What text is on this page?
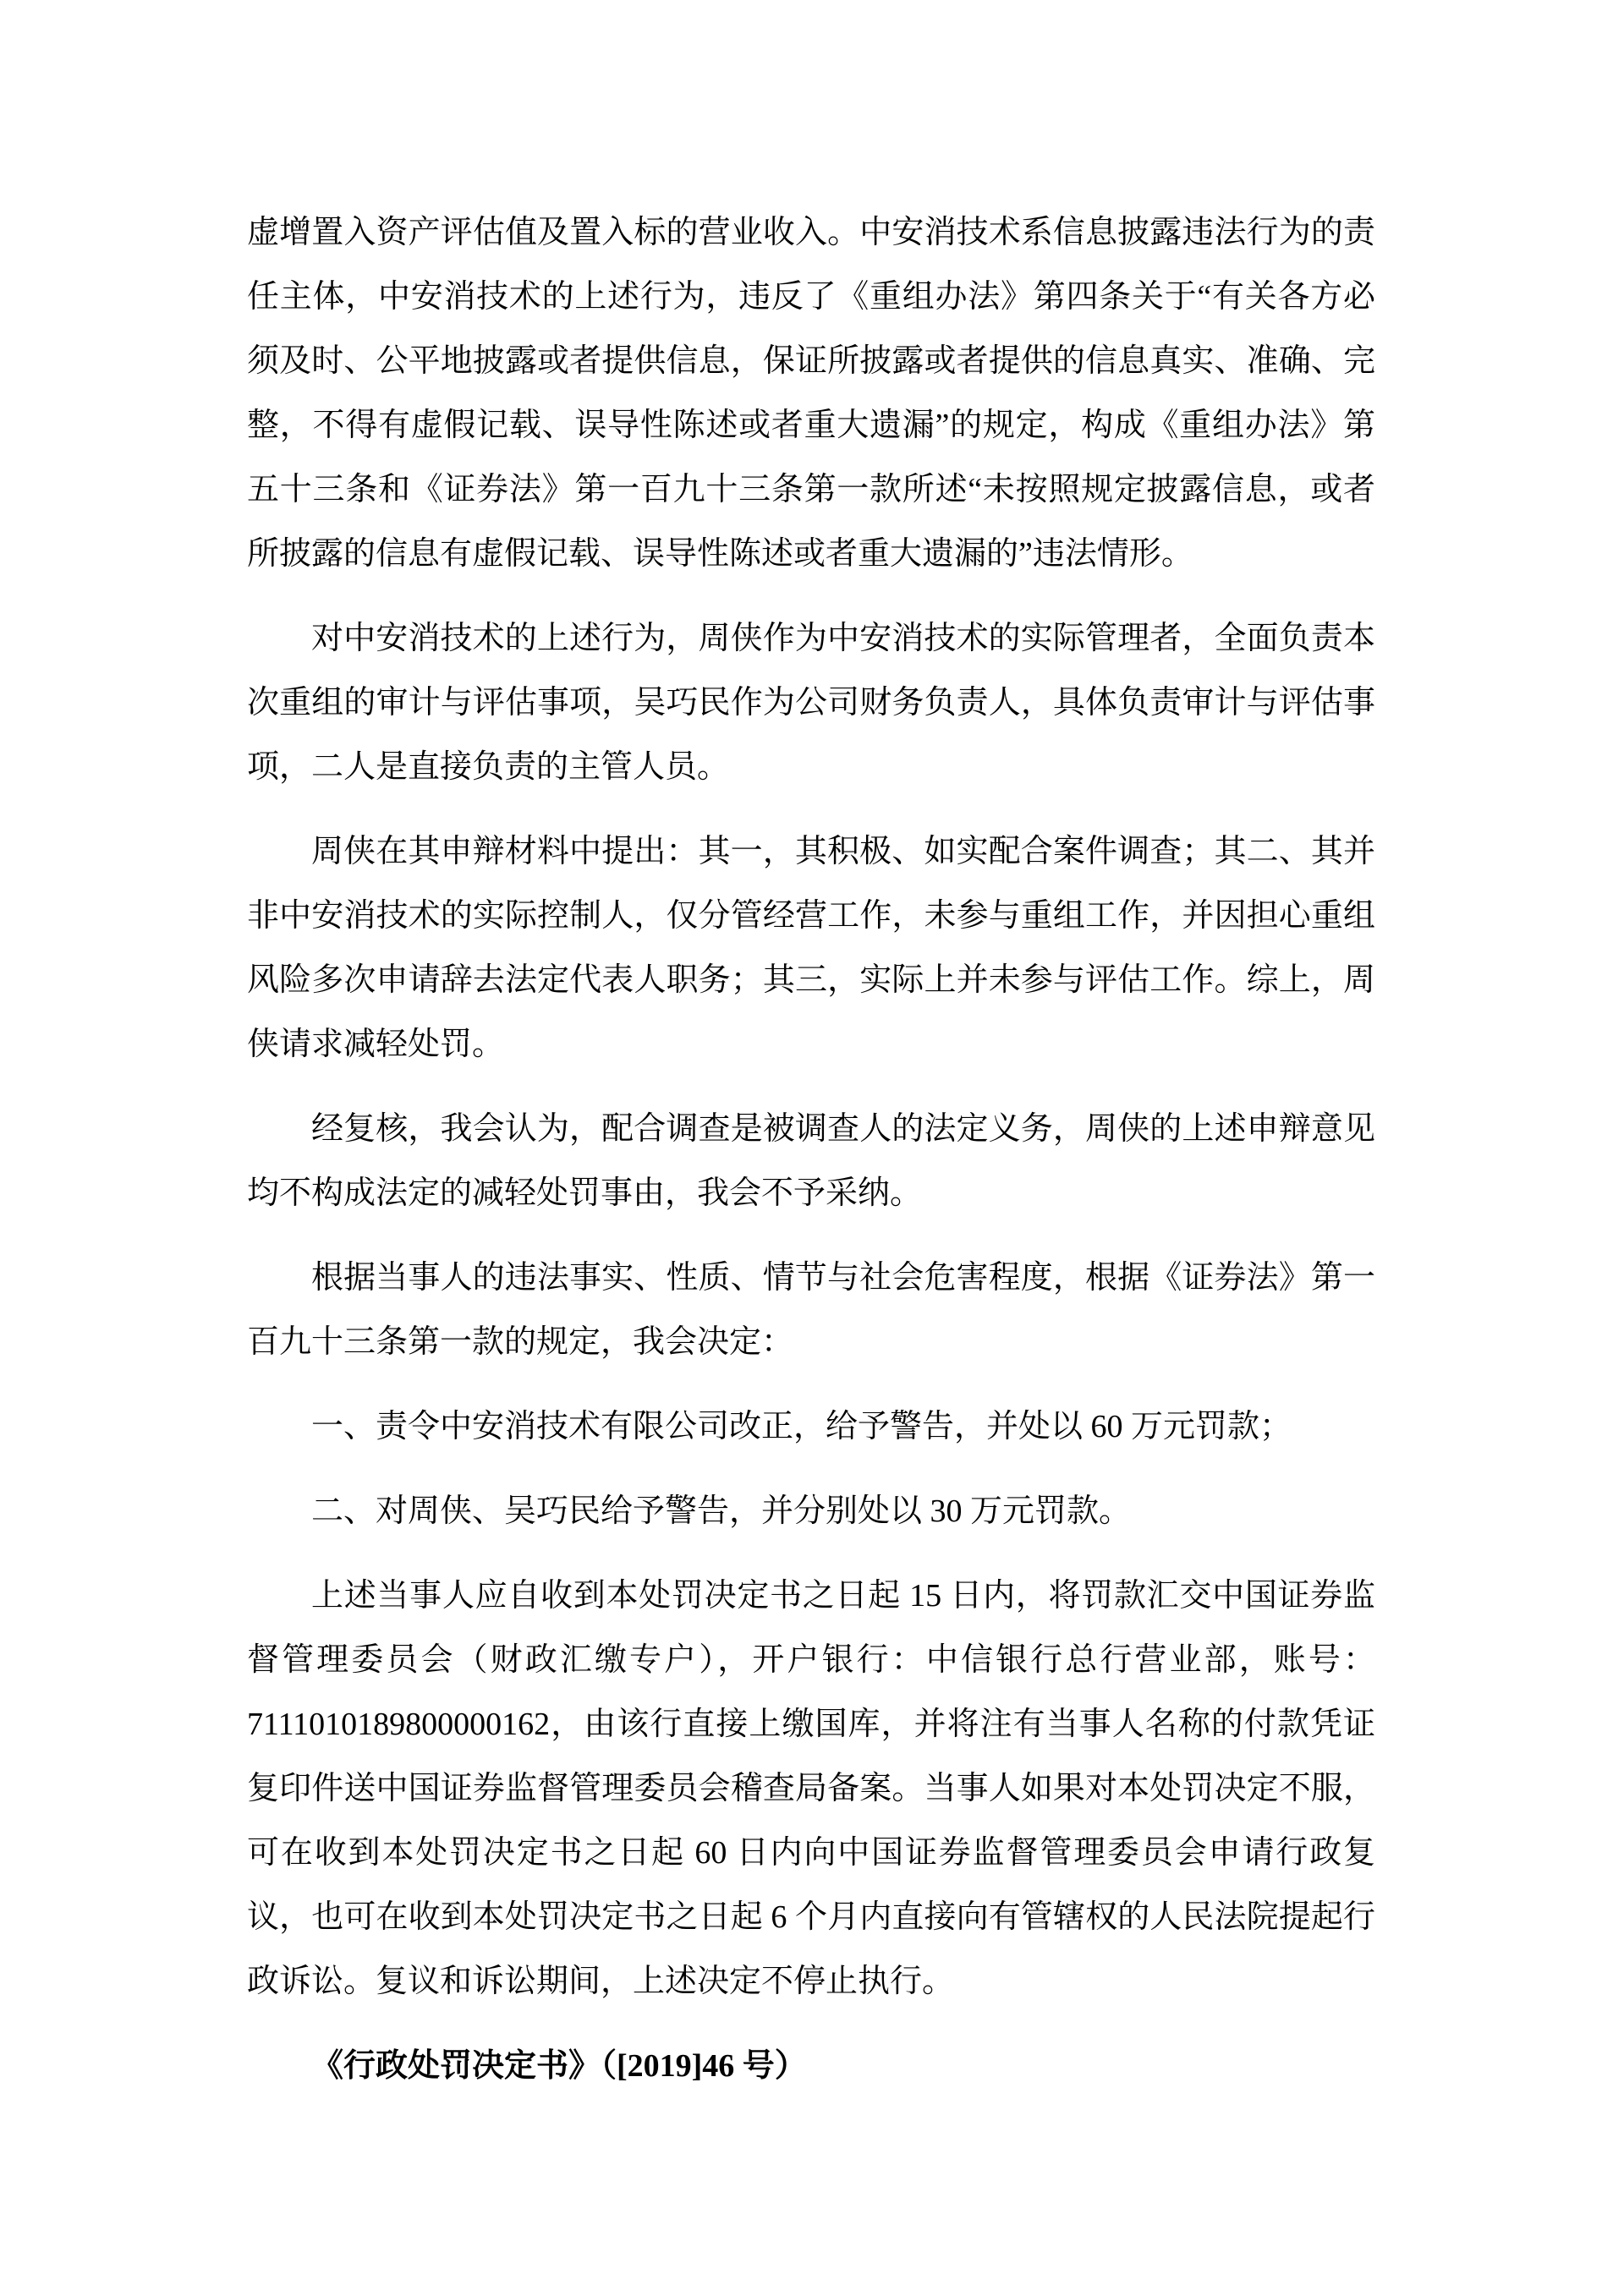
虚增置入资产评估值及置入标的营业收入。中安消技术系信息披露违法行为的责任主体，中安消技术的上述行为，违反了《重组办法》第四条关于“有关各方必须及时、公平地披露或者提供信息，保证所披露或者提供的信息真实、准确、完整，不得有虚假记载、误导性陈述或者重大遗漏”的规定，构成《重组办法》第五十三条和《证券法》第一百九十三条第一款所述“未按照规定披露信息，或者所披露的信息有虚假记载、误导性陈述或者重大遗漏的”违法情形。

对中安消技术的上述行为，周侠作为中安消技术的实际管理者，全面负责本次重组的审计与评估事项，吴巧民作为公司财务负责人，具体负责审计与评估事项，二人是直接负责的主管人员。

周侠在其申辩材料中提出：其一，其积极、如实配合案件调查；其二、其并非中安消技术的实际控制人，仅分管经营工作，未参与重组工作，并因担心重组风险多次申请辞去法定代表人职务；其三，实际上并未参与评估工作。综上，周侠请求减轻处罚。

经复核，我会认为，配合调查是被调查人的法定义务，周侠的上述申辩意见均不构成法定的减轻处罚事由，我会不予采纳。

根据当事人的违法事实、性质、情节与社会危害程度，根据《证券法》第一百九十三条第一款的规定，我会决定：

一、责令中安消技术有限公司改正，给予警告，并处以 60 万元罚款；

二、对周侠、吴巧民给予警告，并分别处以 30 万元罚款。

上述当事人应自收到本处罚决定书之日起 15 日内，将罚款汇交中国证券监督管理委员会（财政汇缴专户），开户银行：中信银行总行营业部，账号：7111010189800000162，由该行直接上缴国库，并将注有当事人名称的付款凭证复印件送中国证券监督管理委员会稽查局备案。当事人如果对本处罚决定不服，可在收到本处罚决定书之日起 60 日内向中国证券监督管理委员会申请行政复议，也可在收到本处罚决定书之日起 6 个月内直接向有管辖权的人民法院提起行政诉讼。复议和诉讼期间，上述决定不停止执行。

《行政处罚决定书》（[2019]46 号）
